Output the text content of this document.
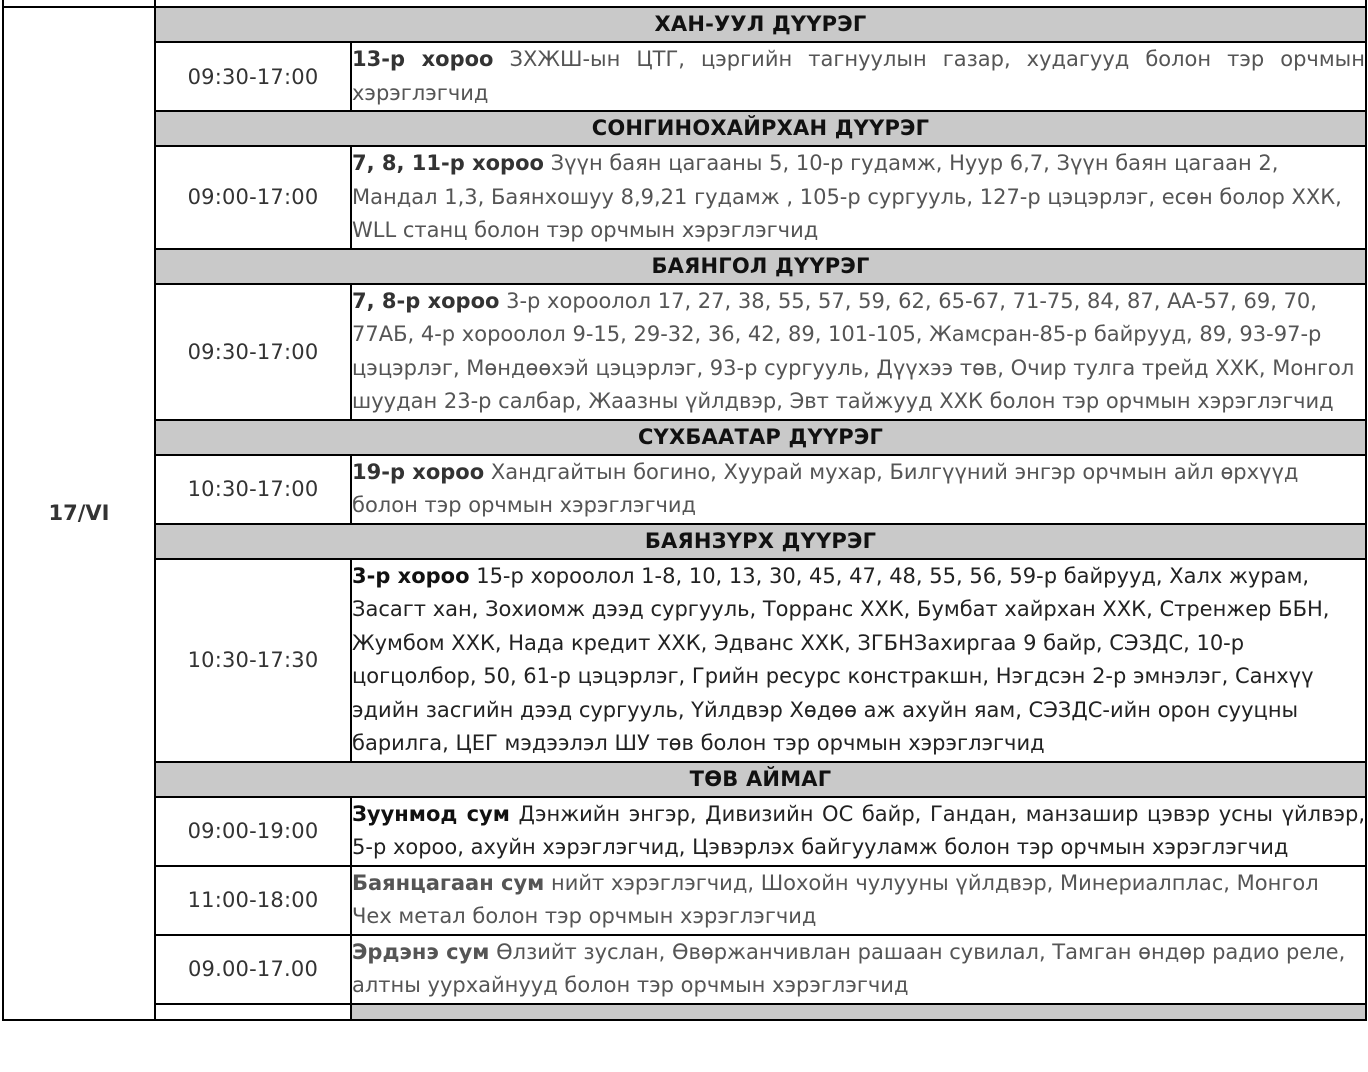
17/VI	ХАН-УУЛ ДҮҮРЭГ	
	09:30-17:00	13-р хороо ЗХЖШ-ын ЦТГ, цэргийн тагнуулын газар, худагууд болон тэр орчмын хэрэглэгчид
	СОНГИНОХАЙРХАН ДҮҮРЭГ	
	09:00-17:00	7, 8, 11-р хороо Зүүн баян цагааны 5, 10-р гудамж, Нуур 6,7, Зүүн баян цагаан 2, Мандал 1,3, Баянхошуу 8,9,21 гудамж , 105-р сургууль, 127-р цэцэрлэг, есөн болор ХХК, WLL станц болон тэр орчмын хэрэглэгчид
	БАЯНГОЛ ДҮҮРЭГ	
	09:30-17:00	7, 8-р хороо 3-р хороолол 17, 27, 38, 55, 57, 59, 62, 65-67, 71-75, 84, 87, АА-57, 69, 70, 77АБ, 4-р хороолол 9-15, 29-32, 36, 42, 89, 101-105, Жамсран-85-р байрууд, 89, 93-97-р цэцэрлэг, Мөндөөхэй цэцэрлэг, 93-р сургууль, Дүүхээ төв, Очир тулга трейд ХХК, Монгол шуудан 23-р салбар, Жаазны үйлдвэр, Эвт тайжууд ХХК болон тэр орчмын хэрэглэгчид
	СҮХБААТАР ДҮҮРЭГ	
	10:30-17:00	19-р хороо Хандгайтын богино, Хуурай мухар, Билгүүний энгэр орчмын айл өрхүүд болон тэр орчмын хэрэглэгчид
	БАЯНЗҮРХ ДҮҮРЭГ	
	10:30-17:30	3-р хороо 15-р хороолол 1-8, 10, 13, 30, 45, 47, 48, 55, 56, 59-р байрууд, Халх журам, Засагт хан, Зохиомж дээд сургууль, Торранс ХХК, Бумбат хайрхан ХХК, Стренжер ББН, Жумбом ХХК, Нада кредит ХХК, Эдванс ХХК, ЗГБНЗахиргаа 9 байр, СЭЗДС, 10-р цогцолбор, 50, 61-р цэцэрлэг, Грийн ресурс констракшн, Нэгдсэн 2-р эмнэлэг, Санхүү эдийн засгийн дээд сургууль, Үйлдвэр Хөдөө аж ахуйн яам, СЭЗДС-ийн орон сууцны барилга, ЦЕГ мэдээлэл ШУ төв болон тэр орчмын хэрэглэгчид
	ТӨВ АЙМАГ	
	09:00-19:00	Зуунмод сум Дэнжийн энгэр, Дивизийн ОС байр, Гандан, манзашир цэвэр усны үйлвэр, 5-р хороо, ахуйн хэрэглэгчид, Цэвэрлэх байгууламж болон тэр орчмын хэрэглэгчид
	11:00-18:00	Баянцагаан сум нийт хэрэглэгчид, Шохойн чулууны үйлдвэр, Минериалплас, Монгол Чех метал болон тэр орчмын хэрэглэгчид
	09.00-17.00	Эрдэнэ сум Өлзийт зуслан, Өвөржанчивлан рашаан сувилал, Тамган өндөр радио реле, алтны уурхайнууд болон тэр орчмын хэрэглэгчид
